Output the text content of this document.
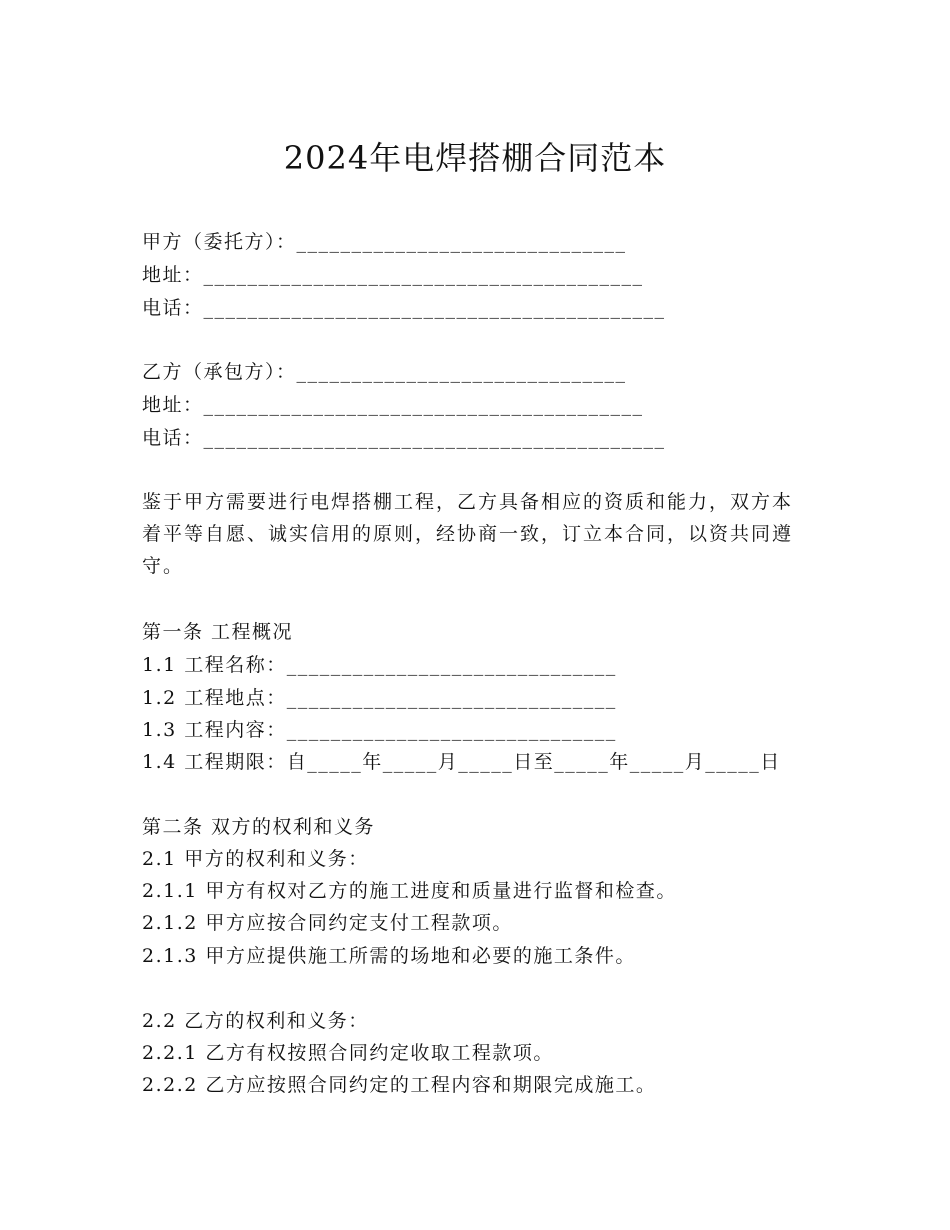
2024年电焊搭棚合同范本
甲方（委托方）：______________________________
地址：________________________________________
电话：__________________________________________
乙方（承包方）：______________________________
地址：________________________________________
电话：__________________________________________
鉴于甲方需要进行电焊搭棚工程，乙方具备相应的资质和能力，双方本着平等自愿、诚实信用的原则，经协商一致，订立本合同，以资共同遵守。
第一条 工程概况
1.1 工程名称：______________________________
1.2 工程地点：______________________________
1.3 工程内容：______________________________
1.4 工程期限：自_____年_____月_____日至_____年_____月_____日
第二条 双方的权利和义务
2.1 甲方的权利和义务：
2.1.1 甲方有权对乙方的施工进度和质量进行监督和检查。
2.1.2 甲方应按合同约定支付工程款项。
2.1.3 甲方应提供施工所需的场地和必要的施工条件。
2.2 乙方的权利和义务：
2.2.1 乙方有权按照合同约定收取工程款项。
2.2.2 乙方应按照合同约定的工程内容和期限完成施工。
